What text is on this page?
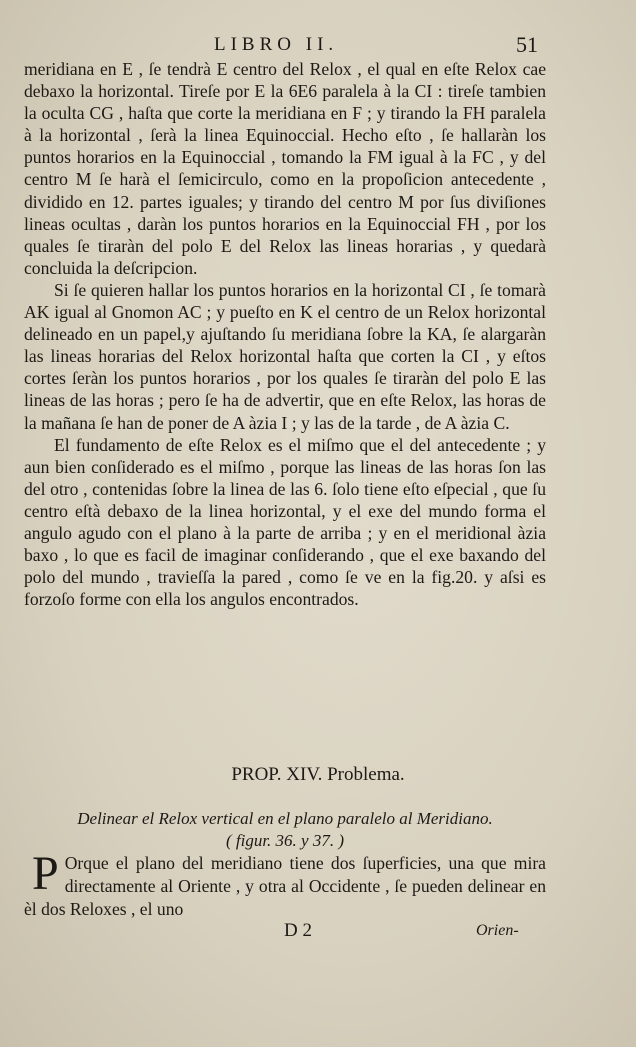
LIBRO II.	51

meridiana en E , ſe tendrà E centro del Relox , el qual en eſte Relox cae debaxo la horizontal. Tireſe por E la 6E6 paralela à la CI : tireſe tambien la oculta CG , haſta que corte la meridiana en F ; y tirando la FH paralela à la horizontal , ſerà la linea Equinoccial. Hecho eſto , ſe hallaràn los puntos horarios en la Equinoccial , tomando la FM igual à la FC , y del centro M ſe harà el ſemicirculo, como en la propoſicion antecedente , dividido en 12. partes iguales; y tirando del centro M por ſus diviſiones lineas ocultas , daràn los puntos horarios en la Equinoccial FH , por los quales ſe tiraràn del polo E del Relox las lineas horarias , y quedarà concluida la deſcripcion.

Si ſe quieren hallar los puntos horarios en la horizontal CI , ſe tomarà AK igual al Gnomon AC ; y pueſto en K el centro de un Relox horizontal delineado en un papel,y ajuſtando ſu meridiana ſobre la KA, ſe alargaràn las lineas horarias del Relox horizontal haſta que corten la CI , y eſtos cortes ſeràn los puntos horarios , por los quales ſe tiraràn del polo E las lineas de las horas ; pero ſe ha de advertir, que en eſte Relox, las horas de la mañana ſe han de poner de A àzia I ; y las de la tarde , de A àzia C.

El fundamento de eſte Relox es el miſmo que el del antecedente ; y aun bien conſiderado es el miſmo , porque las lineas de las horas ſon las del otro , contenidas ſobre la linea de las 6. ſolo tiene eſto eſpecial , que ſu centro eſtà debaxo de la linea horizontal, y el exe del mundo forma el angulo agudo con el plano à la parte de arriba ; y en el meridional àzia baxo , lo que es facil de imaginar conſiderando , que el exe baxando del polo del mundo , travieſſa la pared , como ſe ve en la fig.20. y aſsi es forzoſo forme con ella los angulos encontrados.

PROP. XIV. Problema.
Delinear el Relox vertical en el plano paralelo al Meridiano.
( figur. 36. y 37. )
P Orque el plano del meridiano tiene dos ſuperficies, una que mira directamente al Oriente , y otra al Occidente , ſe pueden delinear en èl dos Reloxes , el uno
D 2	Orien-
